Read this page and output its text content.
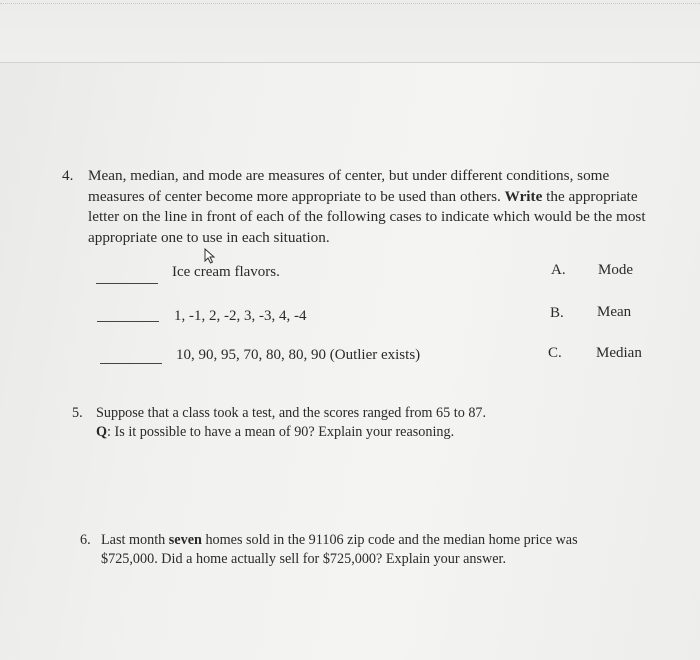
4. Mean, median, and mode are measures of center, but under different conditions, some
measures of center become more appropriate to be used than others. Write the appropriate
letter on the line in front of each of the following cases to indicate which would be the most
appropriate one to use in each situation.
Ice cream flavors.	A. Mode
1, -1, 2, -2, 3, -3, 4, -4	B. Mean
10, 90, 95, 70, 80, 80, 90 (Outlier exists)	C. Median
5. Suppose that a class took a test, and the scores ranged from 65 to 87.
Q: Is it possible to have a mean of 90? Explain your reasoning.
6. Last month seven homes sold in the 91106 zip code and the median home price was
$725,000. Did a home actually sell for $725,000? Explain your answer.
